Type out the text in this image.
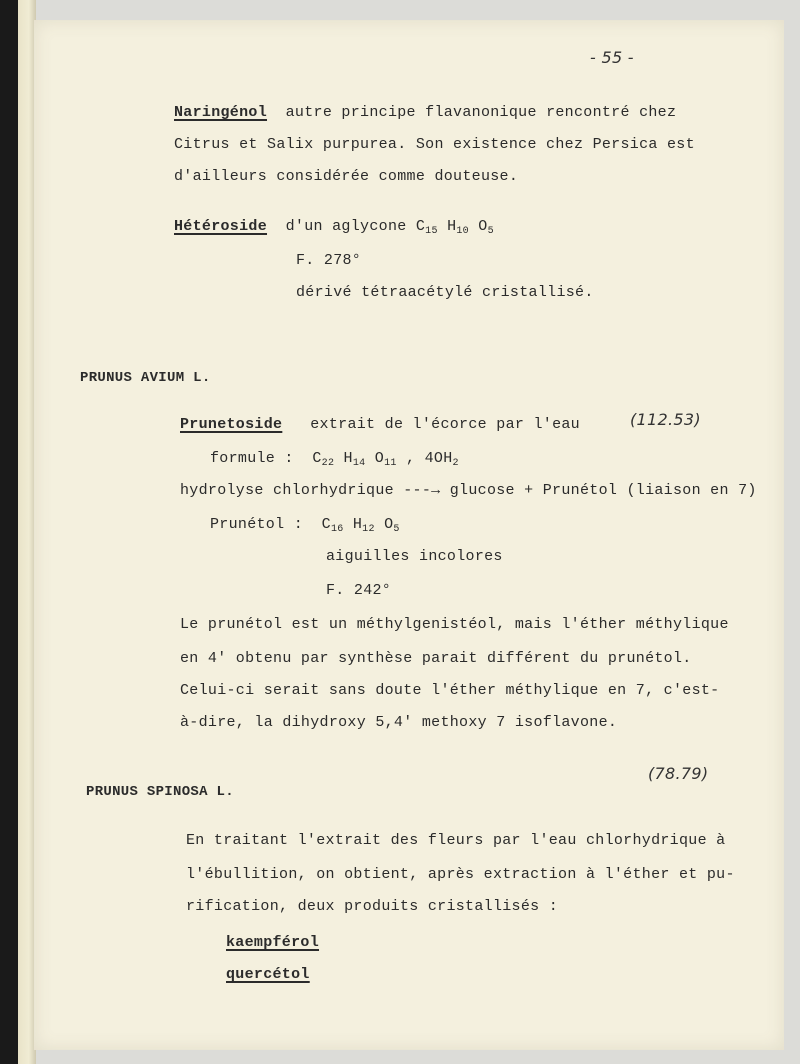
- 55 -
Naringénol autre principe flavanonique rencontré chez
Citrus et Salix purpurea. Son existence chez Persica est
d'ailleurs considérée comme douteuse.
Hétéroside d'un aglycone $C_{15}$ $H_{10}$ $O_5$
F. 278°
dérivé tétraacétylé cristallisé.
PRUNUS AVIUM L.
Prunetoside extrait de l'écorce par l'eau	(112.53)
formule : $C_{22}$ $H_{14}$ $O_{11}$ , $4OH_2$
hydrolyse chlorhydrique ---→ glucose + Prunétol (liaison en 7)
Prunétol : $C_{16}$ $H_{12}$ $O_5$
aiguilles incolores
F. 242°
Le prunétol est un méthylgenistéol, mais l'éther méthylique
en 4' obtenu par synthèse parait différent du prunétol.
Celui-ci serait sans doute l'éther méthylique en 7, c'est-
à-dire, la dihydroxy 5,4' methoxy 7 isoflavone.
(78.79)
PRUNUS SPINOSA L.
En traitant l'extrait des fleurs par l'eau chlorhydrique à
l'ébullition, on obtient, après extraction à l'éther et pu-
rification, deux produits cristallisés :
kaempférol
quercétol
